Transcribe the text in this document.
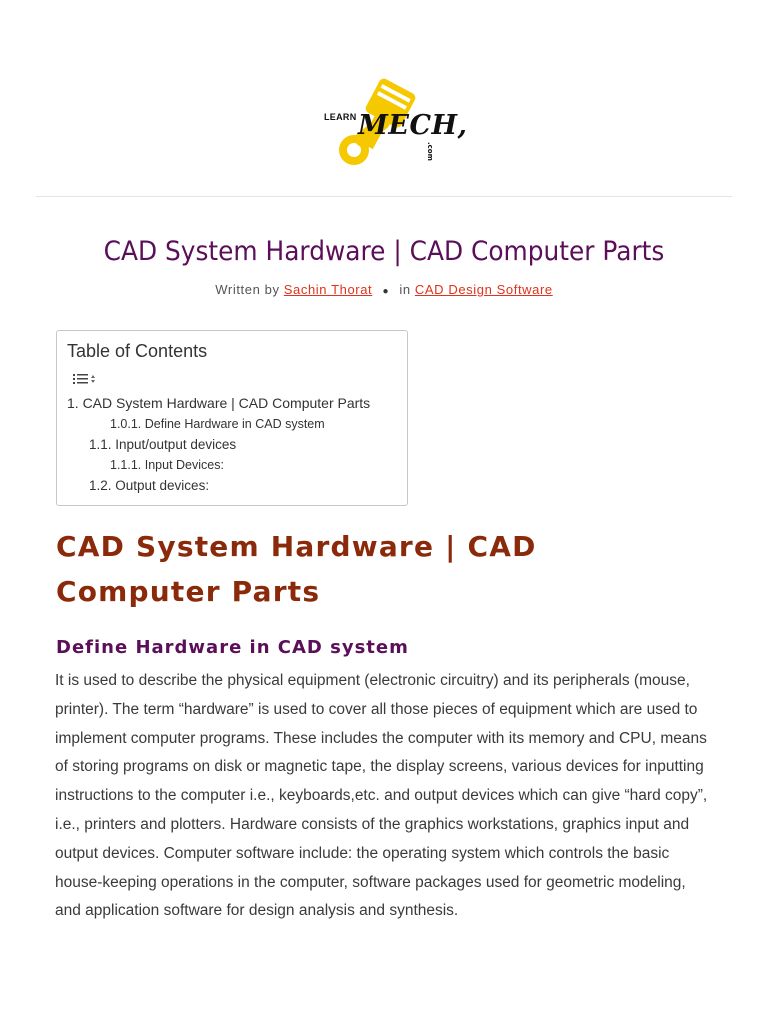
LEARN MECH,
.com
CAD System Hardware | CAD Computer Parts
Written by Sachin Thorat ● in CAD Design Software
Table of Contents
1. CAD System Hardware | CAD Computer Parts
1.0.1. Define Hardware in CAD system
1.1. Input/output devices
1.1.1. Input Devices:
1.2. Output devices:
CAD System Hardware | CAD Computer Parts
Define Hardware in CAD system

It is used to describe the physical equipment (electronic circuitry) and its peripherals (mouse, printer). The term “hardware” is used to cover all those pieces of equipment which are used to implement computer programs. These includes the computer with its memory and CPU, means of storing programs on disk or magnetic tape, the display screens, various devices for inputting instructions to the computer i.e., keyboards,etc. and output devices which can give “hard copy”, i.e., printers and plotters. Hardware consists of the graphics workstations, graphics input and output devices. Computer software include: the operating system which controls the basic house-keeping operations in the computer, software packages used for geometric modeling, and application software for design analysis and synthesis.
